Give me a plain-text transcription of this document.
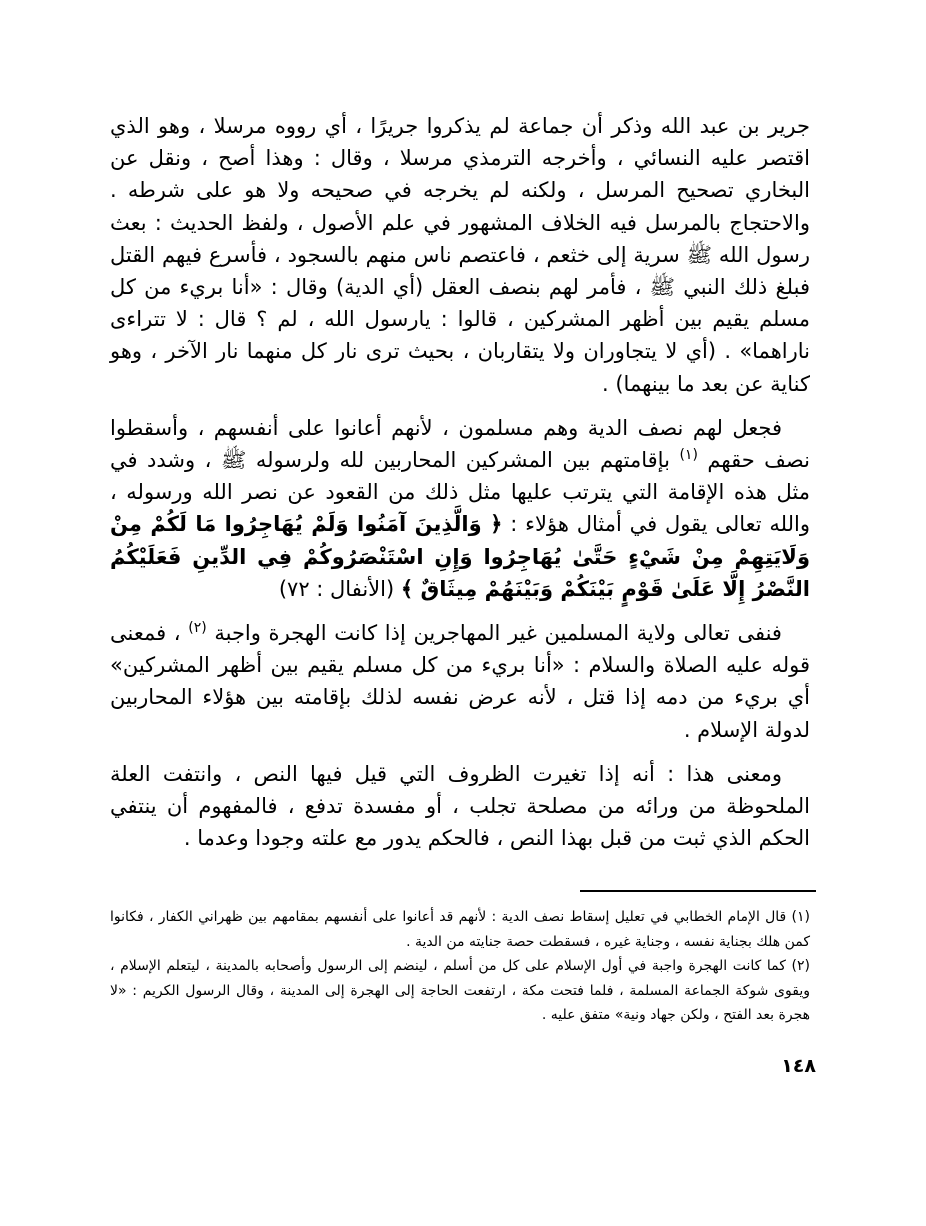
جرير بن عبد الله وذكر أن جماعة لم يذكروا جريرًا ، أي رووه مرسلا ، وهو الذي اقتصر عليه النسائي ، وأخرجه الترمذي مرسلا ، وقال : وهذا أصح ، ونقل عن البخاري تصحيح المرسل ، ولكنه لم يخرجه في صحيحه ولا هو على شرطه . والاحتجاج بالمرسل فيه الخلاف المشهور في علم الأصول ، ولفظ الحديث : بعث رسول الله ﷺ سرية إلى خثعم ، فاعتصم ناس منهم بالسجود ، فأسرع فيهم القتل فبلغ ذلك النبي ﷺ ، فأمر لهم بنصف العقل (أي الدية) وقال : «أنا بريء من كل مسلم يقيم بين أظهر المشركين ، قالوا : يارسول الله ، لم ؟ قال : لا تتراءى ناراهما» . (أي لا يتجاوران ولا يتقاربان ، بحيث ترى نار كل منهما نار الآخر ، وهو كناية عن بعد ما بينهما) .

فجعل لهم نصف الدية وهم مسلمون ، لأنهم أعانوا على أنفسهم ، وأسقطوا نصف حقهم $^{(١)}$ بإقامتهم بين المشركين المحاربين لله ولرسوله ﷺ ، وشدد في مثل هذه الإقامة التي يترتب عليها مثل ذلك من القعود عن نصر الله ورسوله ، والله تعالى يقول في أمثال هؤلاء : ﴿ وَالَّذِينَ آمَنُوا وَلَمْ يُهَاجِرُوا مَا لَكُمْ مِنْ وَلَايَتِهِمْ مِنْ شَيْءٍ حَتَّىٰ يُهَاجِرُوا وَإِنِ اسْتَنْصَرُوكُمْ فِي الدِّينِ فَعَلَيْكُمُ النَّصْرُ إِلَّا عَلَىٰ قَوْمٍ بَيْنَكُمْ وَبَيْنَهُمْ مِيثَاقٌ ﴾ (الأنفال : ٧٢)

فنفى تعالى ولاية المسلمين غير المهاجرين إذا كانت الهجرة واجبة $^{(٢)}$ ، فمعنى قوله عليه الصلاة والسلام : «أنا بريء من كل مسلم يقيم بين أظهر المشركين» أي بريء من دمه إذا قتل ، لأنه عرض نفسه لذلك بإقامته بين هؤلاء المحاربين لدولة الإسلام .

ومعنى هذا : أنه إذا تغيرت الظروف التي قيل فيها النص ، وانتفت العلة الملحوظة من ورائه من مصلحة تجلب ، أو مفسدة تدفع ، فالمفهوم أن ينتفي الحكم الذي ثبت من قبل بهذا النص ، فالحكم يدور مع علته وجودا وعدما .

(١) قال الإمام الخطابي في تعليل إسقاط نصف الدية : لأنهم قد أعانوا على أنفسهم بمقامهم بين ظهراني الكفار ، فكانوا كمن هلك بجناية نفسه ، وجناية غيره ، فسقطت حصة جنايته من الدية .

(٢) كما كانت الهجرة واجبة في أول الإسلام على كل من أسلم ، لينضم إلى الرسول وأصحابه بالمدينة ، ليتعلم الإسلام ، ويقوى شوكة الجماعة المسلمة ، فلما فتحت مكة ، ارتفعت الحاجة إلى الهجرة إلى المدينة ، وقال الرسول الكريم : «لا هجرة بعد الفتح ، ولكن جهاد ونية» متفق عليه .

١٤٨
